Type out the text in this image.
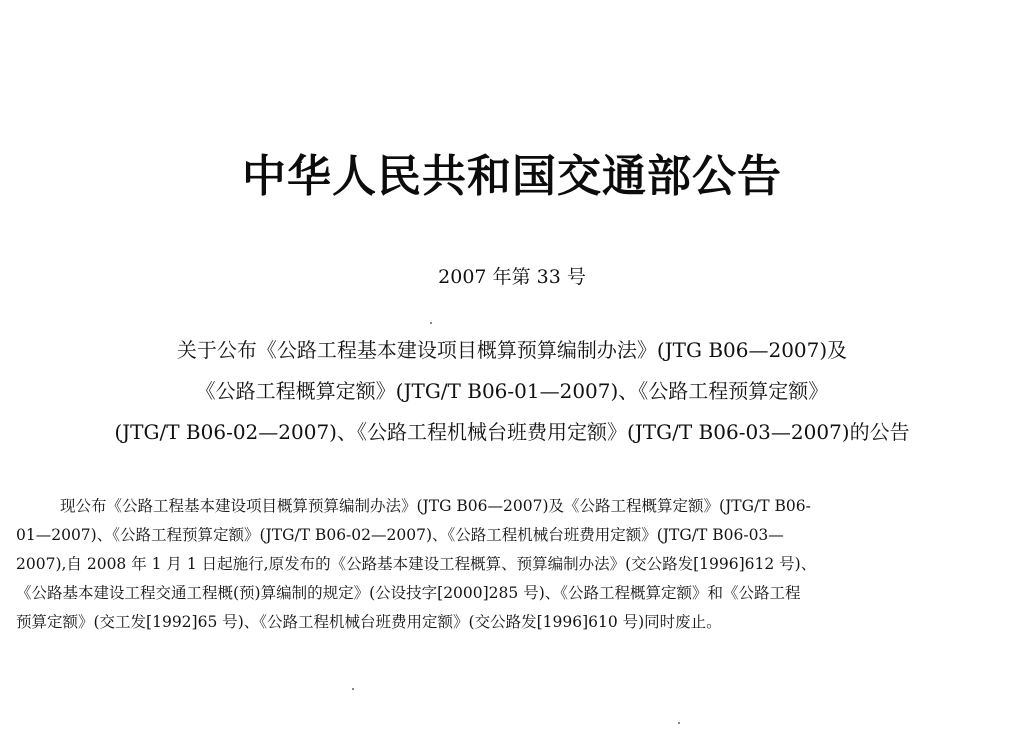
中华人民共和国交通部公告
2007 年第 33 号
关于公布《公路工程基本建设项目概算预算编制办法》(JTG B06—2007)及
《公路工程概算定额》(JTG/T B06-01—2007)、《公路工程预算定额》
(JTG/T B06-02—2007)、《公路工程机械台班费用定额》(JTG/T B06-03—2007)的公告
现公布《公路工程基本建设项目概算预算编制办法》(JTG B06—2007)及《公路工程概算定额》(JTG/T B06-
01—2007)、《公路工程预算定额》(JTG/T B06-02—2007)、《公路工程机械台班费用定额》(JTG/T B06-03—
2007),自 2008 年 1 月 1 日起施行,原发布的《公路基本建设工程概算、预算编制办法》(交公路发[1996]612 号)、
《公路基本建设工程交通工程概(预)算编制的规定》(公设技字[2000]285 号)、《公路工程概算定额》和《公路工程
预算定额》(交工发[1992]65 号)、《公路工程机械台班费用定额》(交公路发[1996]610 号)同时废止。
